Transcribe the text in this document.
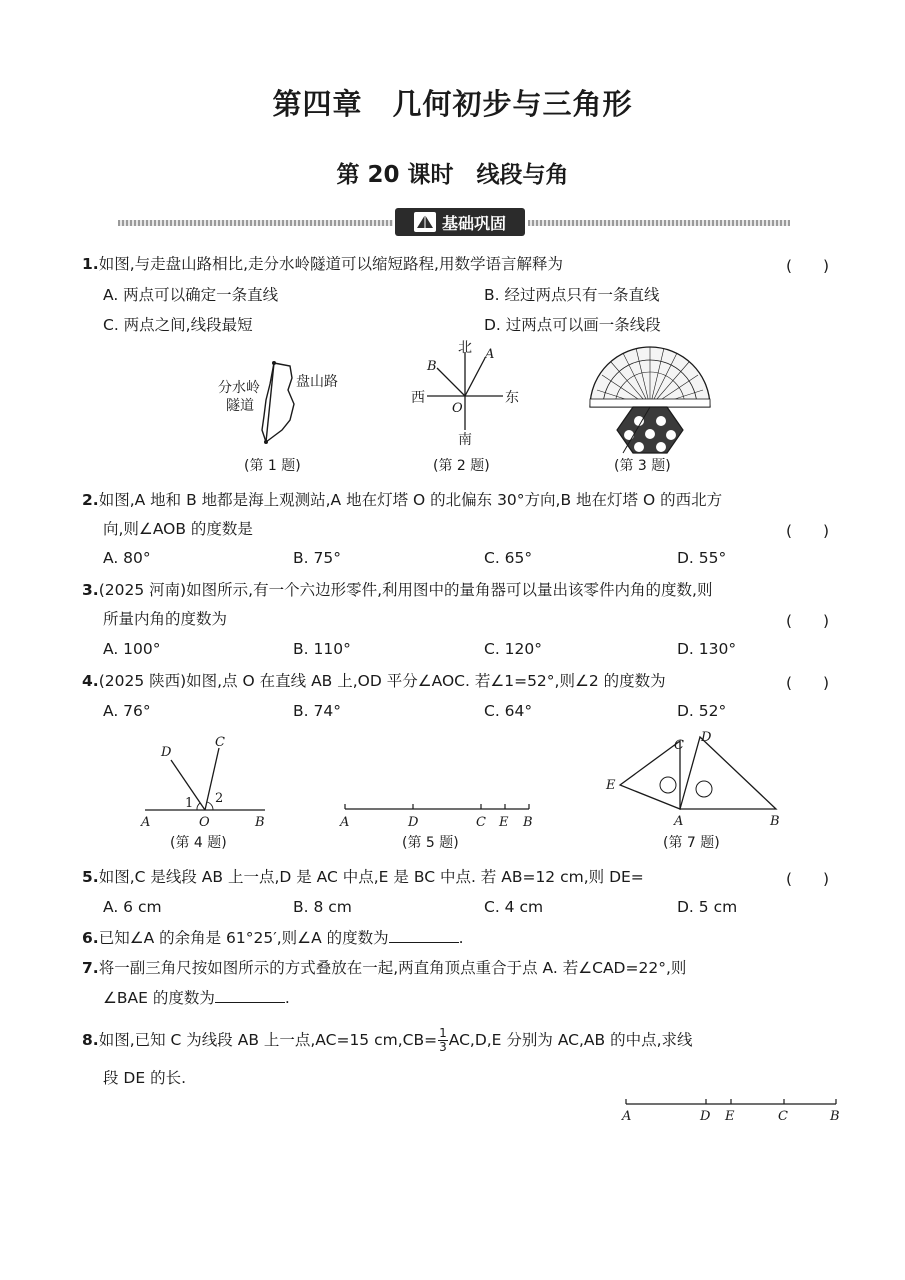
第四章　几何初步与三角形
第 20 课时　线段与角
基础巩固
1.如图,与走盘山路相比,走分水岭隧道可以缩短路程,用数学语言解释为	(　　)
A. 两点可以确定一条直线	B. 经过两点只有一条直线
C. 两点之间,线段最短	D. 过两点可以画一条线段
分水岭
隧道
盘山路
(第 1 题)
北
南
东
西
A
B
O
(第 2 题)	(第 3 题)
2.如图,A 地和 B 地都是海上观测站,A 地在灯塔 O 的北偏东 30°方向,B 地在灯塔 O 的西北方
向,则∠AOB 的度数是	(　　)
A. 80°	B. 75°	C. 65°	D. 55°
3.(2025 河南)如图所示,有一个六边形零件,利用图中的量角器可以量出该零件内角的度数,则
所量内角的度数为	(　　)
A. 100°	B. 110°	C. 120°	D. 130°
4.(2025 陕西)如图,点 O 在直线 AB 上,OD 平分∠AOC. 若∠1=52°,则∠2 的度数为	(　　)
A. 76°	B. 74°	C. 64°	D. 52°
D
C
1 2
A	O	B
(第 4 题)
A	D	C E B
(第 5 题)
C
D
E
A	B
(第 7 题)
5.如图,C 是线段 AB 上一点,D 是 AC 中点,E 是 BC 中点. 若 AB=12 cm,则 DE=	(　　)
A. 6 cm	B. 8 cm	C. 4 cm	D. 5 cm
6.已知∠A 的余角是 61°25′,则∠A 的度数为	.
7.将一副三角尺按如图所示的方式叠放在一起,两直角顶点重合于点 A. 若∠CAD=22°,则
∠BAE 的度数为	.
8.如图,已知 C 为线段 AB 上一点,AC=15 $cm,CB= \frac{1}{3} AC,D,E$ 分别为 AC,AB 的中点,求线
段 DE 的长.
A	D E	C	B
